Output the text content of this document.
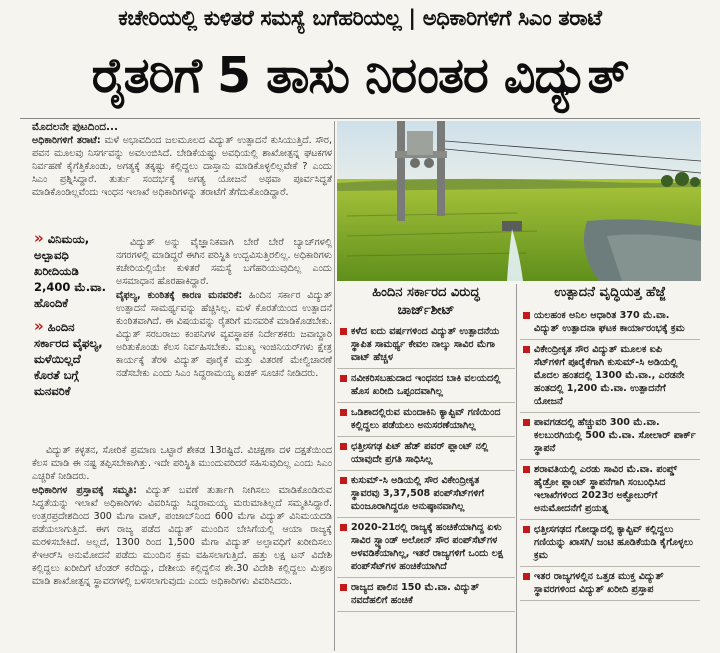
ಕಚೇರಿಯಲ್ಲಿ ಕುಳಿತರೆ ಸಮಸ್ಯೆ ಬಗೆಹರಿಯಲ್ಲ | ಅಧಿಕಾರಿಗಳಿಗೆ ಸಿಎಂ ತರಾಟೆ
ರೈತರಿಗೆ 5 ತಾಸು ನಿರಂತರ ವಿದ್ಯುತ್
ಮೊದಲನೇ ಪುಟದಿಂದ...

ಅಧಿಕಾರಿಗಳಿಗೆ ತರಾಟೆ: ಮಳೆ ಅಭಾವದಿಂದ ಜಲಮೂಲದ ವಿದ್ಯುತ್ ಉತ್ಪಾದನೆ ಕುಸಿಯುತ್ತಿದೆ. ಸೌರ, ಪವನ ಮೂಲವು ನಿಸರ್ಗವನ್ನು ಅವಲಂಬಿಸಿದೆ. ಬೇಡಿಕೆಯಷ್ಟು ಅವಧಿಯಲ್ಲಿ ಶಾಖೋತ್ಪನ್ನ ಘಟಕಗಳ ನಿರ್ವಹಣೆ ಕೈಗೆತ್ತಿಕೊಂಡು, ಅಗತ್ಯಕ್ಕೆ ತಕ್ಕಷ್ಟು ಕಲ್ಲಿದ್ದಲು ದಾಸ್ತಾನು ಮಾಡಿಕೊಳ್ಳಲಿಲ್ಲವೇಕೆ ? ಎಂದು ಸಿಎಂ ಪ್ರಶ್ನಿಸಿದ್ದಾರೆ. ತುರ್ತು ಸಂದರ್ಭಕ್ಕೆ ಅಗತ್ಯ ಯೋಜನೆ ಅಥವಾ ಪೂರ್ವಸಿದ್ಧತೆ ಮಾಡಿಕೊಂಡಿಲ್ಲವೆಂದು ಇಂಧನ ಇಲಾಖೆ ಅಧಿಕಾರಿಗಳನ್ನು ತರಾಟೆಗೆ ತೆಗೆದುಕೊಂಡಿದ್ದಾರೆ.

» ವಿನಿಮಯ, ಅಲ್ಪಾವಧಿ ಖರೀದಿಯಡಿ 2,400 ಮೆ.ವಾ. ಹೊಂದಿಕೆ
» ಹಿಂದಿನ ಸರ್ಕಾರದ ವೈಫಲ್ಯ, ಮಳೆಯಿಲ್ಲದೆ ಕೊರತೆ ಬಗ್ಗೆ ಮನವರಿಕೆ

ವಿದ್ಯುತ್ ಅನ್ನು ವೈಜ್ಞಾನಿಕವಾಗಿ ಬೇರೆ ಬೇರೆ ಬ್ಯಾಚ್‌ಗಳಲ್ಲಿ ನಗರಗಳಲ್ಲಿ ಮಾಡಿದ್ದರೆ ಈಗಿನ ಪರಿಸ್ಥಿತಿ ಉದ್ಭವಿಸುತ್ತಿರಲಿಲ್ಲ. ಅಧಿಕಾರಿಗಳು ಕಚೇರಿಯಲ್ಲಿಯೇ ಕುಳಿತರೆ ಸಮಸ್ಯೆ ಬಗೆಹರಿಯುವುದಿಲ್ಲ ಎಂದು ಅಸಮಾಧಾನ ಹೊರಹಾಕಿದ್ದಾರೆ.

ವೈಫಲ್ಯ, ಕುಂಠಿತಕ್ಕೆ ಕಾರಣ ಮನವರಿಕೆ: ಹಿಂದಿನ ಸರ್ಕಾರ ವಿದ್ಯುತ್ ಉತ್ಪಾದನೆ ಸಾಮರ್ಥ್ಯವನ್ನು ಹೆಚ್ಚಿಸಿಲ್ಲ. ಮಳೆ ಕೊರತೆಯಿಂದ ಉತ್ಪಾದನೆ ಕುಂಠಿತವಾಗಿದೆ. ಈ ವಿಷಯವನ್ನು ರೈತರಿಗೆ ಮನವರಿಕೆ ಮಾಡಿಕೊಡಬೇಕು. ವಿದ್ಯುತ್ ಸರಬರಾಜು ಕಂಪನಿಗಳ ವ್ಯವಸ್ಥಾಪಕ ನಿರ್ದೇಶಕರು ಜವಾಬ್ದಾರಿ ಅರಿತುಕೊಂಡು ಕೆಲಸ ನಿರ್ವಹಿಸಬೇಕು. ಮುಖ್ಯ ಇಂಜಿನಿಯರ್‌ಗಳು ಕ್ಷೇತ್ರ ಕಾರ್ಯಕ್ಕೆ ತೆರಳಿ ವಿದ್ಯುತ್ ಪೂರೈಕೆ ಮತ್ತು ವಿತರಣೆ ಮೇಲ್ವಿಚಾರಣೆ ನಡೆಸಬೇಕು ಎಂದು ಸಿಎಂ ಸಿದ್ದರಾಮಯ್ಯ ಖಡಕ್ ಸೂಚನೆ ನೀಡಿದರು.

ವಿದ್ಯುತ್ ಕಳ್ಳತನ, ಸೋರಿಕೆ ಪ್ರಮಾಣ ಒಟ್ಟಾರೆ ಶೇಕಡ 13ರಷ್ಟಿದೆ. ವಿಚಕ್ಷಣಾ ದಳ ದಕ್ಷತೆಯಿಂದ ಕೆಲಸ ಮಾಡಿ ಈ ನಷ್ಟ ತಪ್ಪಿಸಬೇಕಾಗಿತ್ತು. ಇದೇ ಪರಿಸ್ಥಿತಿ ಮುಂದುವರಿದರೆ ಸಹಿಸುವುದಿಲ್ಲ ಎಂದು ಸಿಎಂ ಎಚ್ಚರಿಕೆ ನೀಡಿದರು.

ಅಧಿಕಾರಿಗಳ ಪ್ರಸ್ತಾವಕ್ಕೆ ಸಮ್ಮತಿ: ವಿದ್ಯುತ್ ಬವಣೆ ತುರ್ತಾಗಿ ನೀಗಿಸಲು ಮಾಡಿಕೊಂಡಿರುವ ಸಿದ್ಧತೆಯನ್ನು ಇಲಾಖೆ ಅಧಿಕಾರಿಗಳು ವಿವರಿಸಿದ್ದು ಸಿದ್ದರಾಮಯ್ಯ ಮರುಮಾತಿಲ್ಲದೆ ಸಮ್ಮತಿಸಿದ್ದಾರೆ. ಉತ್ತರಪ್ರದೇಶದಿಂದ 300 ಮೆಗಾ ವಾಟ್, ಪಂಜಾಬ್‌ನಿಂದ 600 ಮೆಗಾ ವಿದ್ಯುತ್ ವಿನಿಮಯದಡಿ ಪಡೆಯಲಾಗುತ್ತಿದೆ. ಈಗ ರಾಜ್ಯ ಪಡೆದ ವಿದ್ಯುತ್ ಮುಂದಿನ ಬೇಸಿಗೆಯಲ್ಲಿ ಆಯಾ ರಾಜ್ಯಕ್ಕೆ ಮರಳಿಸಬೇಕಿದೆ. ಅಲ್ಲದೆ, 1300 ರಿಂದ 1,500 ಮೆಗಾ ವಿದ್ಯುತ್ ಅಲ್ಪಾವಧಿಗೆ ಖರೀದಿಸಲು ಕೆಇಆರ್‌ಸಿ ಅನುಮೋದನೆ ಪಡೆದು ಮುಂದಿನ ಕ್ರಮ ವಹಿಸಲಾಗುತ್ತಿದೆ. ಹತ್ತು ಲಕ್ಷ ಟನ್ ವಿದೇಶಿ ಕಲ್ಲಿದ್ದಲು ಖರೀದಿಗೆ ಟೆಂಡರ್ ಕರೆದಿದ್ದು, ದೇಶೀಯ ಕಲ್ಲಿದ್ದಲಿನ ಶೇ.30 ವಿದೇಶಿ ಕಲ್ಲಿದ್ದಲು ಮಿಶ್ರಣ ಮಾಡಿ ಶಾಖೋತ್ಪನ್ನ ಸ್ಥಾವರಗಳಲ್ಲಿ ಬಳಸಲಾಗುವುದು ಎಂದು ಅಧಿಕಾರಿಗಳು ವಿವರಿಸಿದರು.

ಹಿಂದಿನ ಸರ್ಕಾರದ ವಿರುದ್ಧ
ಚಾರ್ಜ್‌ಶೀಟ್
ಕಳೆದ ಐದು ವರ್ಷಗಳಿಂದ ವಿದ್ಯುತ್ ಉತ್ಪಾದನೆಯ ಸ್ಥಾಪಿತ ಸಾಮರ್ಥ್ಯ ಕೇವಲ ನಾಲ್ಕು ಸಾವಿರ ಮೆಗಾ ವಾಟ್ ಹೆಚ್ಚಳ
ನವೀಕರಿಸಬಹುದಾದ ಇಂಧನದ ಬಾಕಿ ವಲಯದಲ್ಲಿ ಹೊಸ ಖರೀದಿ ಒಪ್ಪಂದವಾಗಿಲ್ಲ
ಒಡಿಶಾದಲ್ಲಿರುವ ಮಂದಾಕಿನಿ ಕ್ಯಾಪ್ಟಿವ್ ಗಣಿಯಿಂದ ಕಲ್ಲಿದ್ದಲು ಪಡೆಯಲು ಅನುಸರಣೆಯಾಗಿಲ್ಲ
ಛತ್ತೀಸಗಢ ಪಿಟ್ ಹೆಡ್ ಪವರ್ ಪ್ಲಾಂಟ್ ನಲ್ಲಿ ಯಾವುದೇ ಪ್ರಗತಿ ಸಾಧಿಸಿಲ್ಲ
ಕುಸುಮ್-ಸಿ ಅಡಿಯಲ್ಲಿ ಸೌರ ವಿಕೇಂದ್ರೀಕೃತ ಸ್ಥಾವರವು 3,37,508 ಪಂಪ್‌ಸೆಟ್‌ಗಳಿಗೆ ಮಂಜೂರಾಗಿದ್ದರೂ ಅನುಷ್ಠಾನವಾಗಿಲ್ಲ
2020-21ರಲ್ಲಿ ರಾಜ್ಯಕ್ಕೆ ಹಂಚಿಕೆಯಾಗಿದ್ದ ಏಳು ಸಾವಿರ ಸ್ಟ್ಯಾಂಡ್ ಅಲೋನ್ ಸೌರ ಪಂಪ್‌ಸೆಟ್‌ಗಳ ಅಳವಡಿಕೆಯಾಗಿಲ್ಲ, ಇತರೆ ರಾಜ್ಯಗಳಿಗೆ ಒಂದು ಲಕ್ಷ ಪಂಪ್‌ಸೆಟ್‌ಗಳ ಹಂಚಿಕೆಯಾಗಿದೆ
ರಾಜ್ಯದ ಪಾಲಿನ 150 ಮೆ.ವಾ. ವಿದ್ಯುತ್ ನವದೆಹಲಿಗೆ ಹಂಚಿಕೆ
ಉತ್ಪಾದನೆ ವೃದ್ಧಿಯತ್ತ ಹೆಜ್ಜೆ
ಯಲಹಂಕ ಅನಿಲ ಆಧಾರಿತ 370 ಮೆ.ವಾ. ವಿದ್ಯುತ್ ಉತ್ಪಾದನಾ ಘಟಕ ಕಾರ್ಯಾರಂಭಕ್ಕೆ ಕ್ರಮ
ವಿಕೇಂದ್ರೀಕೃತ ಸೌರ ವಿದ್ಯುತ್ ಮೂಲಕ ಐಪಿ ಸೆಟ್‌ಗಳಿಗೆ ಪೂರೈಕೆಗಾಗಿ ಕುಸುಮ್-ಸಿ ಅಡಿಯಲ್ಲಿ ಮೊದಲ ಹಂತದಲ್ಲಿ 1300 ಮೆ.ವಾ., ಎರಡನೇ ಹಂತದಲ್ಲಿ 1,200 ಮೆ.ವಾ. ಉತ್ಪಾದನೆಗೆ ಯೋಜನೆ
ಪಾವಗಡದಲ್ಲಿ ಹೆಚ್ಚುವರಿ 300 ಮೆ.ವಾ. ಕಲಬುರಗಿಯಲ್ಲಿ 500 ಮೆ.ವಾ. ಸೋಲಾರ್ ಪಾರ್ಕ್ ಸ್ಥಾಪನೆ
ಶರಾವತಿಯಲ್ಲಿ ಎರಡು ಸಾವಿರ ಮೆ.ವಾ. ಪಂಪ್ಡ್ ಹೈಡ್ರೋ ಪ್ಲಾಂಟ್ ಸ್ಥಾಪನೆಗಾಗಿ ಸಂಬಂಧಿಸಿದ ಇಲಾಖೆಗಳಿಂದ 2023ರ ಅಕ್ಟೋಬರ್‌ಗೆ ಅನುಮೋದನೆಗೆ ಪ್ರಯತ್ನ
ಛತ್ತೀಸಗಢದ ಗೋದ್ನಾದಲ್ಲಿ ಕ್ಯಾಪ್ಟಿವ್ ಕಲ್ಲಿದ್ದಲು ಗಣಿಯನ್ನು ಖಾಸಗಿ/ ಜಂಟಿ ಹೂಡಿಕೆಯಡಿ ಕೈಗೊಳ್ಳಲು ಕ್ರಮ
ಇತರ ರಾಜ್ಯಗಳಲ್ಲಿನ ಒತ್ತಡ ಮುಕ್ತ ವಿದ್ಯುತ್ ಸ್ಥಾವರಗಳಿಂದ ವಿದ್ಯುತ್ ಖರೀದಿ ಪ್ರಸ್ತಾಪ
